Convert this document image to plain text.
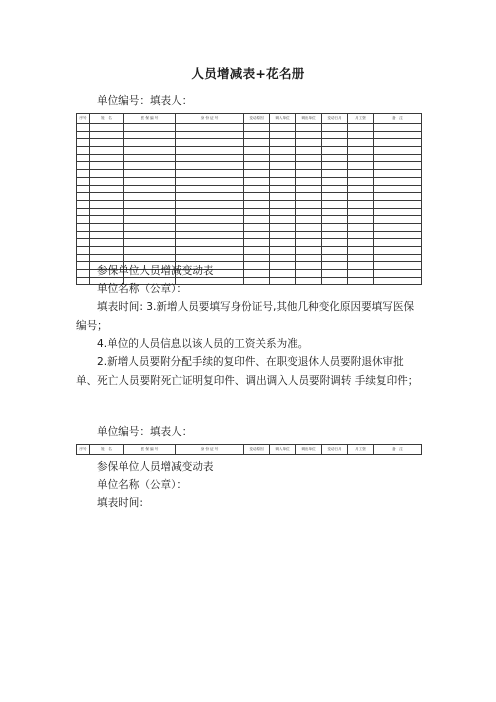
人员增减表+花名册
单位编号：填表人：
序号	姓　名	医 保 编 号	身 份 证 号	变动原因	调入单位	调出单位	变动日月	月工资	备　注

参保单位人员增减变动表
单位名称（公章）：
填表时间: 3.新增人员要填写身份证号,其他几种变化原因要填写医保编号；
4.单位的人员信息以该人员的工资关系为准。
2.新增人员要附分配手续的复印件、在职变退休人员要附退休审批单、死亡人员要附死亡证明复印件、调出调入人员要附调转 手续复印件；
单位编号：填表人：
序号	姓　名	医 保 编 号	身 份 证 号	变动原因	调入单位	调出单位	变动日月	月工资	备　注
参保单位人员增减变动表
单位名称（公章）：
填表时间:
